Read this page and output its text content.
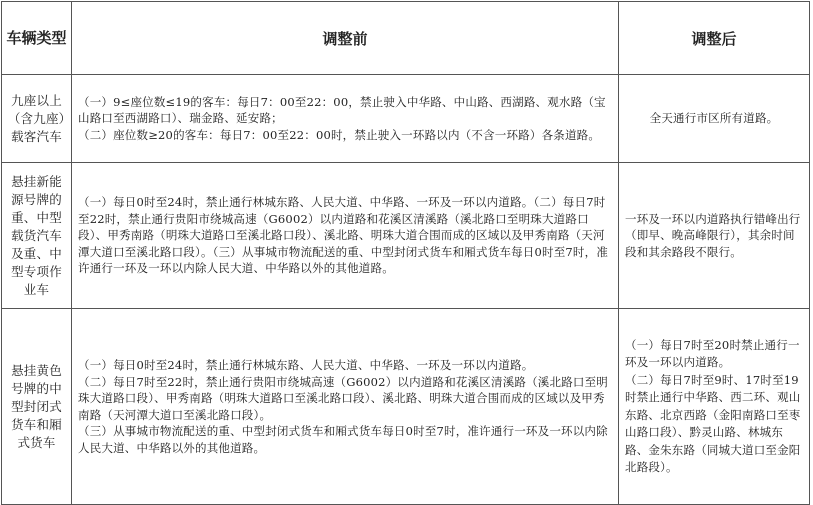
车辆类型	调整前	调整后
九座以上（含九座）载客汽车	（一）9≤座位数≤19的客车：每日7：00至22：00，禁止驶入中华路、中山路、西湖路、观水路（宝山路口至西湖路口）、瑞金路、延安路；
（二）座位数≥20的客车：每日7：00至22：00时，禁止驶入一环路以内（不含一环路）各条道路。	全天通行市区所有道路。

悬挂新能源号牌的重、中型载货汽车及重、中型专项作业车	（一）每日0时至24时，禁止通行林城东路、人民大道、中华路、一环及一环以内道路。（二）每日7时至22时，禁止通行贵阳市绕城高速（G6002）以内道路和花溪区清溪路（溪北路口至明珠大道路口段）、甲秀南路（明珠大道路口至溪北路口段）、溪北路、明珠大道合围而成的区域以及甲秀南路（天河潭大道口至溪北路口段）。（三）从事城市物流配送的重、中型封闭式货车和厢式货车每日0时至7时，准许通行一环及一环以内除人民大道、中华路以外的其他道路。	一环及一环以内道路执行错峰出行（即早、晚高峰限行），其余时间段和其余路段不限行。

悬挂黄色号牌的中型封闭式货车和厢式货车	（一）每日0时至24时，禁止通行林城东路、人民大道、中华路、一环及一环以内道路。
（二）每日7时至22时，禁止通行贵阳市绕城高速（G6002）以内道路和花溪区清溪路（溪北路口至明珠大道路口段）、甲秀南路（明珠大道路口至溪北路口段）、溪北路、明珠大道合围而成的区域以及甲秀南路（天河潭大道口至溪北路口段）。
（三）从事城市物流配送的重、中型封闭式货车和厢式货车每日0时至7时，准许通行一环及一环以内除人民大道、中华路以外的其他道路。	（一）每日7时至20时禁止通行一环及一环以内道路。
（二）每日7时至9时、17时至19时禁止通行中华路、西二环、观山东路、北京西路（金阳南路口至枣山路口段）、黔灵山路、林城东路、金朱东路（同城大道口至金阳北路段）。
